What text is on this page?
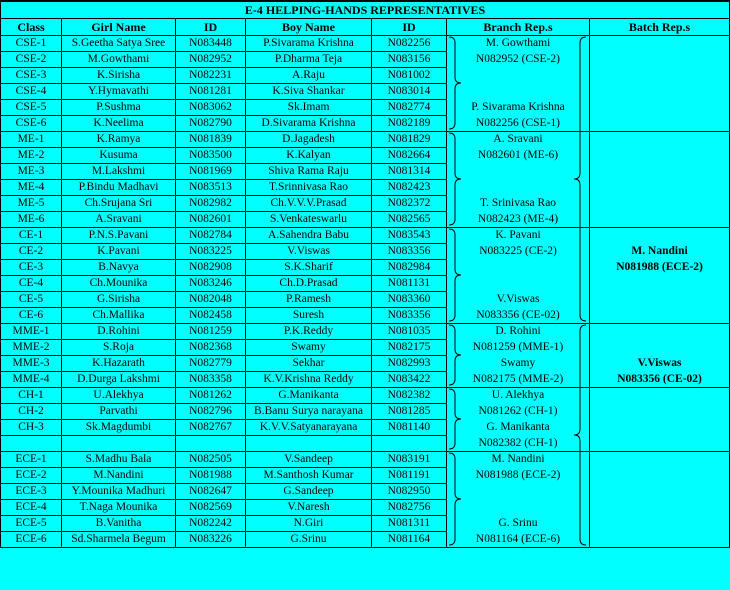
E-4 HELPING-HANDS REPRESENTATIVES						
Class	Girl Name	ID	Boy Name	ID	Branch Rep.s	Batch Rep.s
CSE-1	S.Geetha Satya Sree	N083448	P.Sivarama Krishna	N082256	M. Gowthami	
CSE-2	M.Gowthami	N082952	P.Dharma Teja	N083156	N082952 (CSE-2)	
CSE-3	K.Sirisha	N082231	A.Raju	N081002		
CSE-4	Y.Hymavathi	N081281	K.Siva Shankar	N083014		
CSE-5	P.Sushma	N083062	Sk.Imam	N082774	P. Sivarama Krishna	
CSE-6	K.Neelima	N082790	D.Sivarama Krishna	N082189	N082256 (CSE-1)	
ME-1	K.Ramya	N081839	D.Jagadesh	N081829	A. Sravani	
ME-2	Kusuma	N083500	K.Kalyan	N082664	N082601 (ME-6)	
ME-3	M.Lakshmi	N081969	Shiva Rama Raju	N081314		
ME-4	P.Bindu Madhavi	N083513	T.Srinnivasa Rao	N082423		
ME-5	Ch.Srujana Sri	N082982	Ch.V.V.V.Prasad	N082372	T. Srinivasa Rao	
ME-6	A.Sravani	N082601	S.Venkateswarlu	N082565	N082423 (ME-4)	
CE-1	P.N.S.Pavani	N082784	A.Sahendra Babu	N083543	K. Pavani	
CE-2	K.Pavani	N083225	V.Viswas	N083356	N083225 (CE-2)	M. Nandini
CE-3	B.Navya	N082908	S.K.Sharif	N082984		N081988 (ECE-2)
CE-4	Ch.Mounika	N083246	Ch.D.Prasad	N081131		
CE-5	G.Sirisha	N082048	P.Ramesh	N083360	V.Viswas	
CE-6	Ch.Mallika	N082458	Suresh	N083356	N083356 (CE-02)	
MME-1	D.Rohini	N081259	P.K.Reddy	N081035	D. Rohini	
MME-2	S.Roja	N082368	Swamy	N082175	N081259 (MME-1)	
MME-3	K.Hazarath	N082779	Sekhar	N082993	Swamy	V.Viswas
MME-4	D.Durga Lakshmi	N083358	K.V.Krishna Reddy	N083422	N082175 (MME-2)	N083356 (CE-02)
CH-1	U.Alekhya	N081262	G.Manikanta	N082382	U. Alekhya	
CH-2	Parvathi	N082796	B.Banu Surya narayana	N081285	N081262 (CH-1)	
CH-3	Sk.Magdumbi	N082767	K.V.V.Satyanarayana	N081140	G. Manikanta	
					N082382 (CH-1)	
ECE-1	S.Madhu Bala	N082505	V.Sandeep	N083191	M. Nandini	
ECE-2	M.Nandini	N081988	M.Santhosh Kumar	N081191	N081988 (ECE-2)	
ECE-3	Y.Mounika Madhuri	N082647	G.Sandeep	N082950		
ECE-4	T.Naga Mounika	N082569	V.Naresh	N082756		
ECE-5	B.Vanitha	N082242	N.Giri	N081311	G. Srinu	
ECE-6	Sd.Sharmela Begum	N083226	G.Srinu	N081164	N081164 (ECE-6)	
